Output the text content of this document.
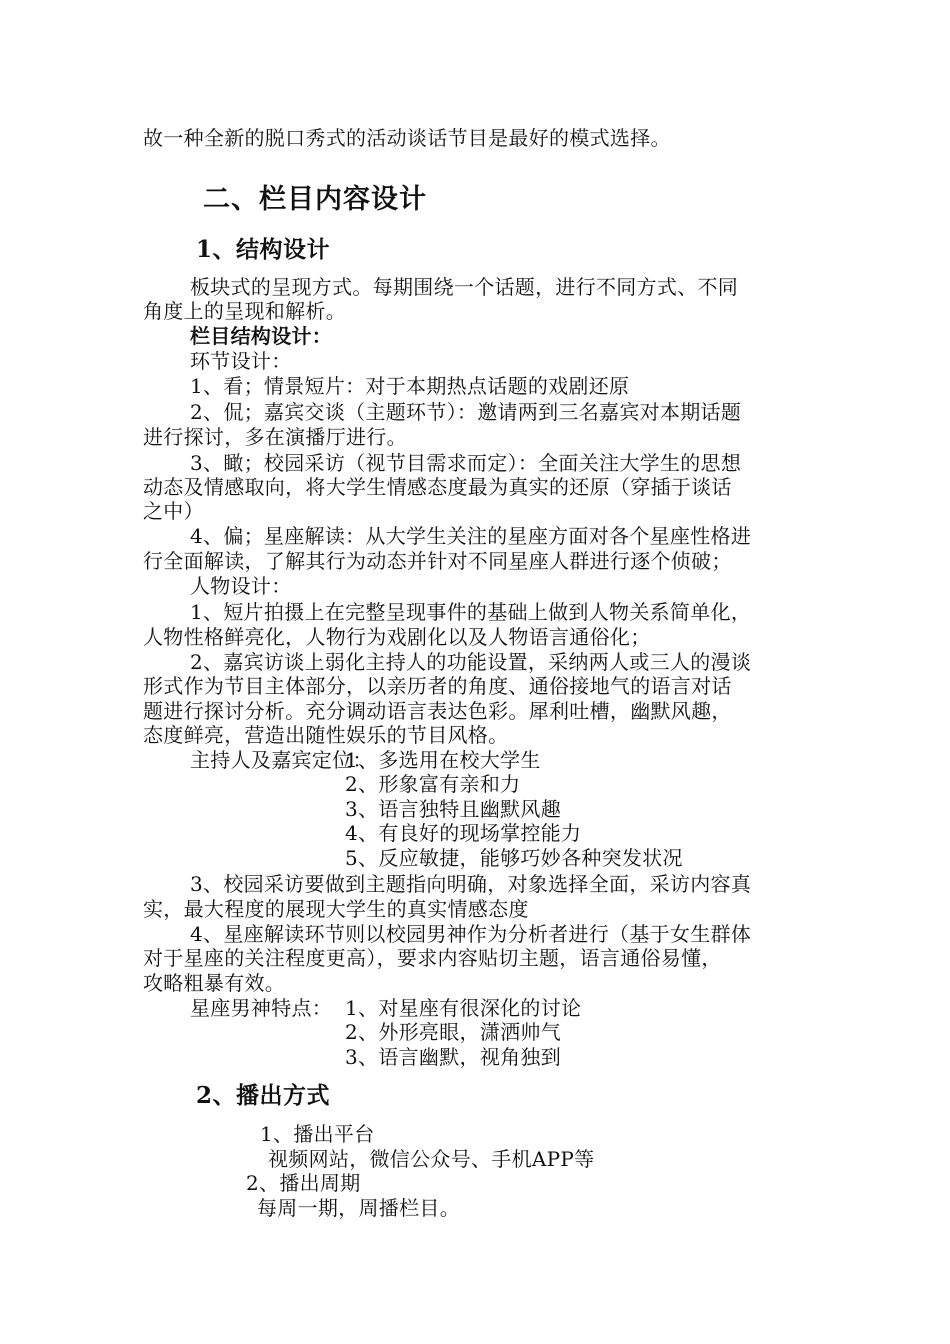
故一种全新的脱口秀式的活动谈话节目是最好的模式选择。
二、栏目内容设计
1、结构设计
板块式的呈现方式。每期围绕一个话题，进行不同方式、不同
角度上的呈现和解析。
栏目结构设计：
环节设计：
1、看；情景短片：对于本期热点话题的戏剧还原
2、侃；嘉宾交谈（主题环节）：邀请两到三名嘉宾对本期话题
进行探讨，多在演播厅进行。
3、瞰；校园采访（视节目需求而定）：全面关注大学生的思想
动态及情感取向，将大学生情感态度最为真实的还原（穿插于谈话
之中）
4、偏；星座解读：从大学生关注的星座方面对各个星座性格进
行全面解读，了解其行为动态并针对不同星座人群进行逐个侦破；
人物设计：
1、短片拍摄上在完整呈现事件的基础上做到人物关系简单化，
人物性格鲜亮化，人物行为戏剧化以及人物语言通俗化；
2、嘉宾访谈上弱化主持人的功能设置，采纳两人或三人的漫谈
形式作为节目主体部分，以亲历者的角度、通俗接地气的语言对话
题进行探讨分析。充分调动语言表达色彩。犀利吐槽，幽默风趣，
态度鲜亮，营造出随性娱乐的节目风格。
主持人及嘉宾定位：
1、多选用在校大学生
2、形象富有亲和力
3、语言独特且幽默风趣
4、有良好的现场掌控能力
5、反应敏捷，能够巧妙各种突发状况
3、校园采访要做到主题指向明确，对象选择全面，采访内容真
实，最大程度的展现大学生的真实情感态度
4、星座解读环节则以校园男神作为分析者进行（基于女生群体
对于星座的关注程度更高），要求内容贴切主题，语言通俗易懂，
攻略粗暴有效。
星座男神特点： 1、对星座有很深化的讨论
2、外形亮眼，潇洒帅气
3、语言幽默，视角独到
2、播出方式
1、播出平台
视频网站，微信公众号、手机APP等
2、播出周期
每周一期，周播栏目。
